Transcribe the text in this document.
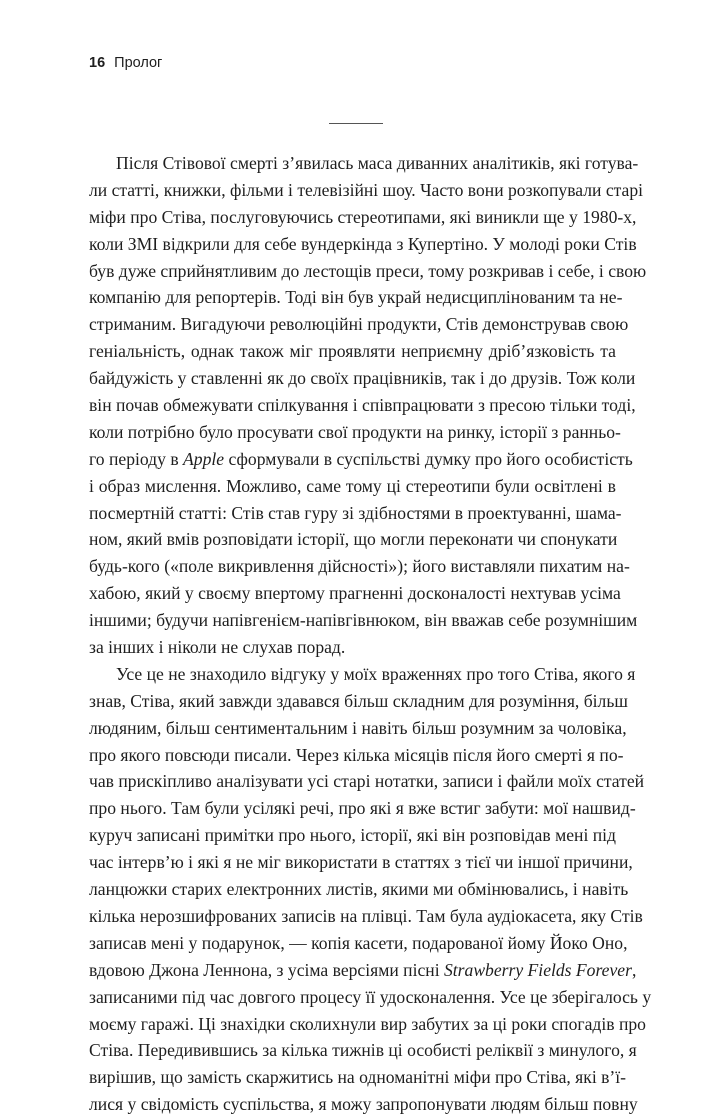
16 Пролог

Після Стівової смерті з’явилась маса диванних аналітиків, які готува-
ли статті, книжки, фільми і телевізійні шоу. Часто вони розкопували старі
міфи про Стіва, послуговуючись стереотипами, які виникли ще у 1980-х,
коли ЗМІ відкрили для себе вундеркінда з Купертіно. У молоді роки Стів
був дуже сприйнятливим до лестощів преси, тому розкривав і себе, і свою
компанію для репортерів. Тоді він був украй недисциплінованим та не-
стриманим. Вигадуючи революційні продукти, Стів демонстрував свою
геніальність, однак також міг проявляти неприємну дріб’язковість та
байдужість у ставленні як до своїх працівників, так і до друзів. Тож коли
він почав обмежувати спілкування і співпрацювати з пресою тільки тоді,
коли потрібно було просувати свої продукти на ринку, історії з ранньо-
го періоду в Apple сформували в суспільстві думку про його особистість
і образ мислення. Можливо, саме тому ці стереотипи були освітлені в
посмертній статті: Стів став гуру зі здібностями в проектуванні, шама-
ном, який вмів розповідати історії, що могли переконати чи спонукати
будь-кого («поле викривлення дійсності»); його виставляли пихатим на-
хабою, який у своєму впертому прагненні досконалості нехтував усіма
іншими; будучи напівгенієм-напівгівнюком, він вважав себе розумнішим
за інших і ніколи не слухав порад.

Усе це не знаходило відгуку у моїх враженнях про того Стіва, якого я
знав, Стіва, який завжди здавався більш складним для розуміння, більш
людяним, більш сентиментальним і навіть більш розумним за чоловіка,
про якого повсюди писали. Через кілька місяців після його смерті я по-
чав прискіпливо аналізувати усі старі нотатки, записи і файли моїх статей
про нього. Там були усілякі речі, про які я вже встиг забути: мої нашвид-
куруч записані примітки про нього, історії, які він розповідав мені під
час інтерв’ю і які я не міг використати в статтях з тієї чи іншої причини,
ланцюжки старих електронних листів, якими ми обмінювались, і навіть
кілька нерозшифрованих записів на плівці. Там була аудіокасета, яку Стів
записав мені у подарунок, — копія касети, подарованої йому Йоко Оно,
вдовою Джона Леннона, з усіма версіями пісні Strawberry Fields Forever,
записаними під час довгого процесу її удосконалення. Усе це зберігалось у
моєму гаражі. Ці знахідки сколихнули вир забутих за ці роки спогадів про
Стіва. Передивившись за кілька тижнів ці особисті реліквії з минулого, я
вирішив, що замість скаржитись на одноманітні міфи про Стіва, які в’ї-
лися у свідомість суспільства, я можу запропонувати людям більш повну
